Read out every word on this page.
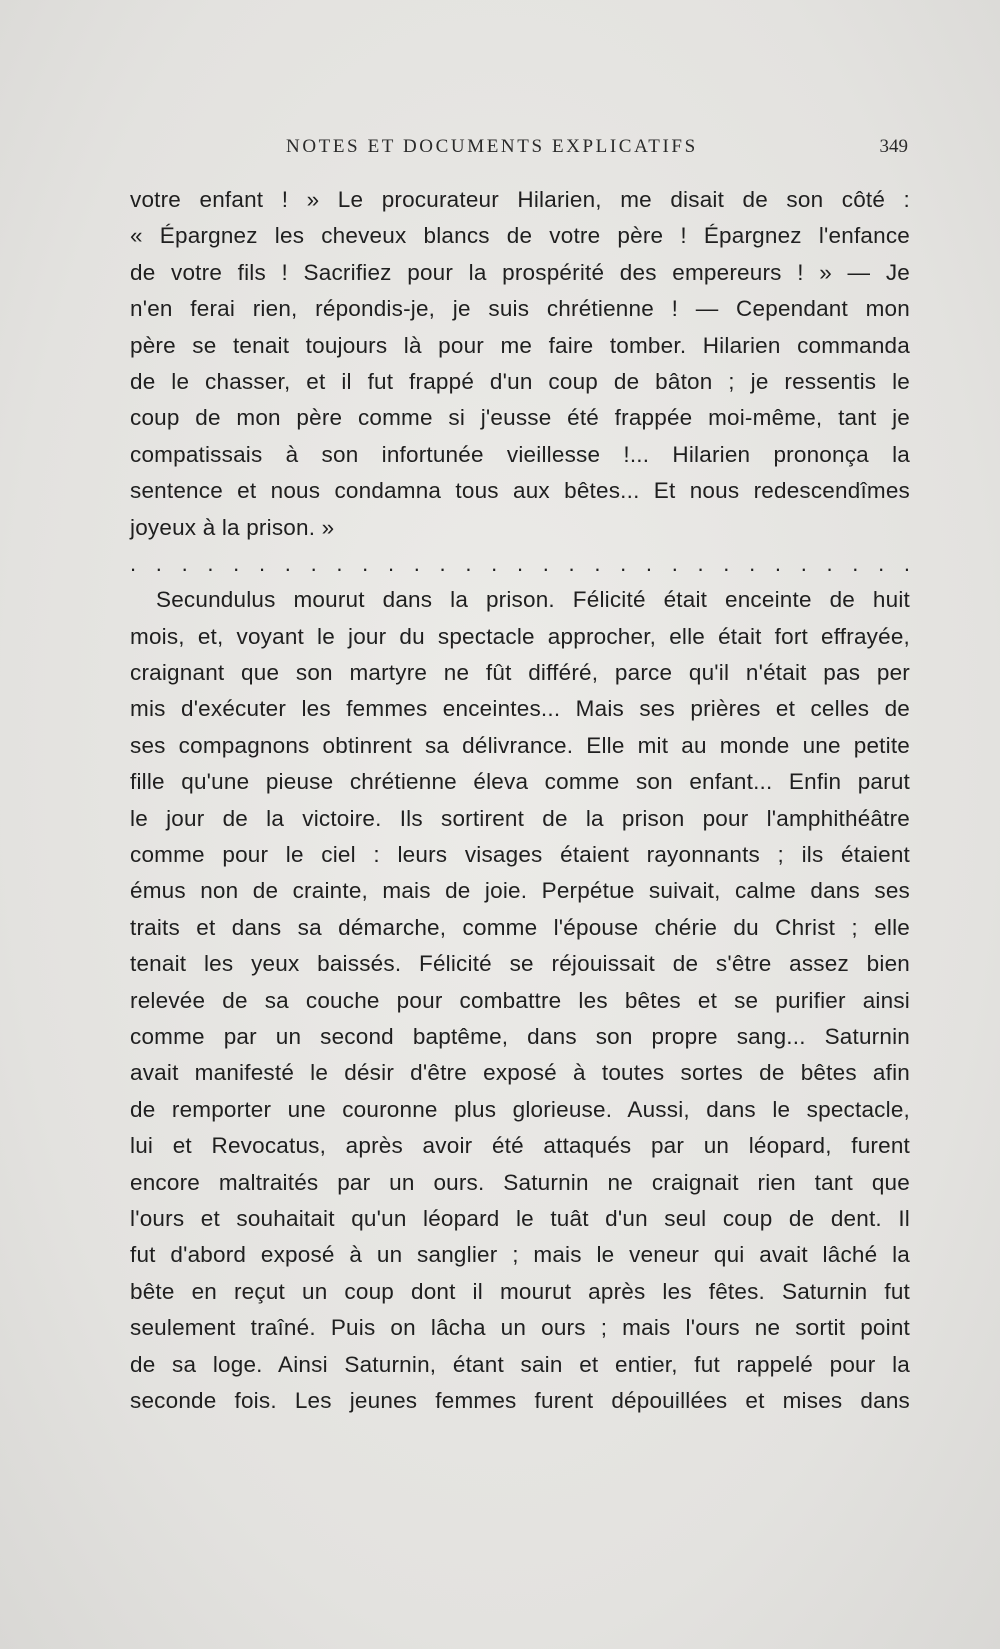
NOTES ET DOCUMENTS EXPLICATIFS	349
votre enfant ! » Le procurateur Hilarien, me disait de son côté :
« Épargnez les cheveux blancs de votre père ! Épargnez l'enfance
de votre fils ! Sacrifiez pour la prospérité des empereurs ! » — Je
n'en ferai rien, répondis-je, je suis chrétienne ! — Cependant mon
père se tenait toujours là pour me faire tomber. Hilarien commanda
de le chasser, et il fut frappé d'un coup de bâton ; je ressentis le
coup de mon père comme si j'eusse été frappée moi-même, tant je
compatissais à son infortunée vieillesse !... Hilarien prononça la
sentence et nous condamna tous aux bêtes... Et nous redescendîmes
joyeux à la prison. »
. . . . . . . . . . . . . . . . . . . . . . . . . . . . . . .
Secundulus mourut dans la prison. Félicité était enceinte de huit
mois, et, voyant le jour du spectacle approcher, elle était fort effrayée,
craignant que son martyre ne fût différé, parce qu'il n'était pas per
mis d'exécuter les femmes enceintes... Mais ses prières et celles de
ses compagnons obtinrent sa délivrance. Elle mit au monde une petite
fille qu'une pieuse chrétienne éleva comme son enfant... Enfin parut
le jour de la victoire. Ils sortirent de la prison pour l'amphithéâtre
comme pour le ciel : leurs visages étaient rayonnants ; ils étaient
émus non de crainte, mais de joie. Perpétue suivait, calme dans ses
traits et dans sa démarche, comme l'épouse chérie du Christ ; elle
tenait les yeux baissés. Félicité se réjouissait de s'être assez bien
relevée de sa couche pour combattre les bêtes et se purifier ainsi
comme par un second baptême, dans son propre sang... Saturnin
avait manifesté le désir d'être exposé à toutes sortes de bêtes afin
de remporter une couronne plus glorieuse. Aussi, dans le spectacle,
lui et Revocatus, après avoir été attaqués par un léopard, furent
encore maltraités par un ours. Saturnin ne craignait rien tant que
l'ours et souhaitait qu'un léopard le tuât d'un seul coup de dent. Il
fut d'abord exposé à un sanglier ; mais le veneur qui avait lâché la
bête en reçut un coup dont il mourut après les fêtes. Saturnin fut
seulement traîné. Puis on lâcha un ours ; mais l'ours ne sortit point
de sa loge. Ainsi Saturnin, étant sain et entier, fut rappelé pour la
seconde fois. Les jeunes femmes furent dépouillées et mises dans
